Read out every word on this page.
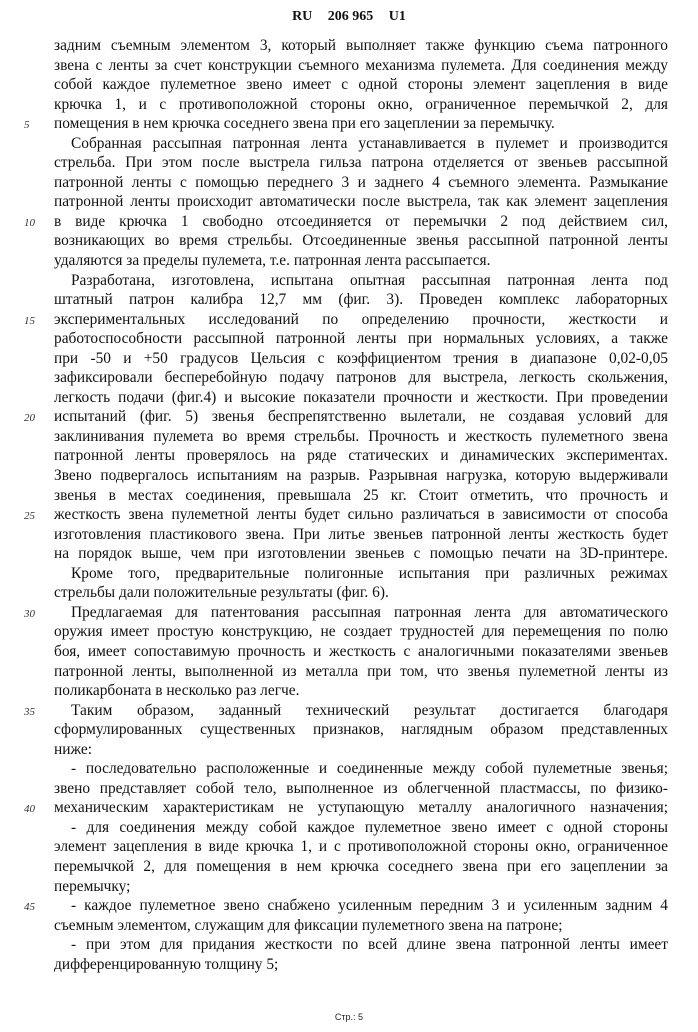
RU 206 965 U1
5
10
15
20
25
30
35
40
45
задним съемным элементом 3, который выполняет также функцию съема патронного
звена с ленты за счет конструкции съемного механизма пулемета. Для соединения между
собой каждое пулеметное звено имеет с одной стороны элемент зацепления в виде
крючка 1, и с противоположной стороны окно, ограниченное перемычкой 2, для
помещения в нем крючка соседнего звена при его зацеплении за перемычку.
Собранная рассыпная патронная лента устанавливается в пулемет и производится
стрельба. При этом после выстрела гильза патрона отделяется от звеньев рассыпной
патронной ленты с помощью переднего 3 и заднего 4 съемного элемента. Размыкание
патронной ленты происходит автоматически после выстрела, так как элемент зацепления
в виде крючка 1 свободно отсоединяется от перемычки 2 под действием сил,
возникающих во время стрельбы. Отсоединенные звенья рассыпной патронной ленты
удаляются за пределы пулемета, т.е. патронная лента рассыпается.
Разработана, изготовлена, испытана опытная рассыпная патронная лента под
штатный патрон калибра 12,7 мм (фиг. 3). Проведен комплекс лабораторных
экспериментальных исследований по определению прочности, жесткости и
работоспособности рассыпной патронной ленты при нормальных условиях, а также
при -50 и +50 градусов Цельсия с коэффициентом трения в диапазоне 0,02-0,05
зафиксировали бесперебойную подачу патронов для выстрела, легкость скольжения,
легкость подачи (фиг.4) и высокие показатели прочности и жесткости. При проведении
испытаний (фиг. 5) звенья беспрепятственно вылетали, не создавая условий для
заклинивания пулемета во время стрельбы. Прочность и жесткость пулеметного звена
патронной ленты проверялось на ряде статических и динамических экспериментах.
Звено подвергалось испытаниям на разрыв. Разрывная нагрузка, которую выдерживали
звенья в местах соединения, превышала 25 кг. Стоит отметить, что прочность и
жесткость звена пулеметной ленты будет сильно различаться в зависимости от способа
изготовления пластикового звена. При литье звеньев патронной ленты жесткость будет
на порядок выше, чем при изготовлении звеньев с помощью печати на 3D-принтере.
Кроме того, предварительные полигонные испытания при различных режимах
стрельбы дали положительные результаты (фиг. 6).
Предлагаемая для патентования рассыпная патронная лента для автоматического
оружия имеет простую конструкцию, не создает трудностей для перемещения по полю
боя, имеет сопоставимую прочность и жесткость с аналогичными показателями звеньев
патронной ленты, выполненной из металла при том, что звенья пулеметной ленты из
поликарбоната в несколько раз легче.
Таким образом, заданный технический результат достигается благодаря
сформулированных существенных признаков, наглядным образом представленных
ниже:
- последовательно расположенные и соединенные между собой пулеметные звенья;
звено представляет собой тело, выполненное из облегченной пластмассы, по физико-
механическим характеристикам не уступающую металлу аналогичного назначения;
- для соединения между собой каждое пулеметное звено имеет с одной стороны
элемент зацепления в виде крючка 1, и с противоположной стороны окно, ограниченное
перемычкой 2, для помещения в нем крючка соседнего звена при его зацеплении за
перемычку;
- каждое пулеметное звено снабжено усиленным передним 3 и усиленным задним 4
съемным элементом, служащим для фиксации пулеметного звена на патроне;
- при этом для придания жесткости по всей длине звена патронной ленты имеет
дифференцированную толщину 5;
Стр.: 5
